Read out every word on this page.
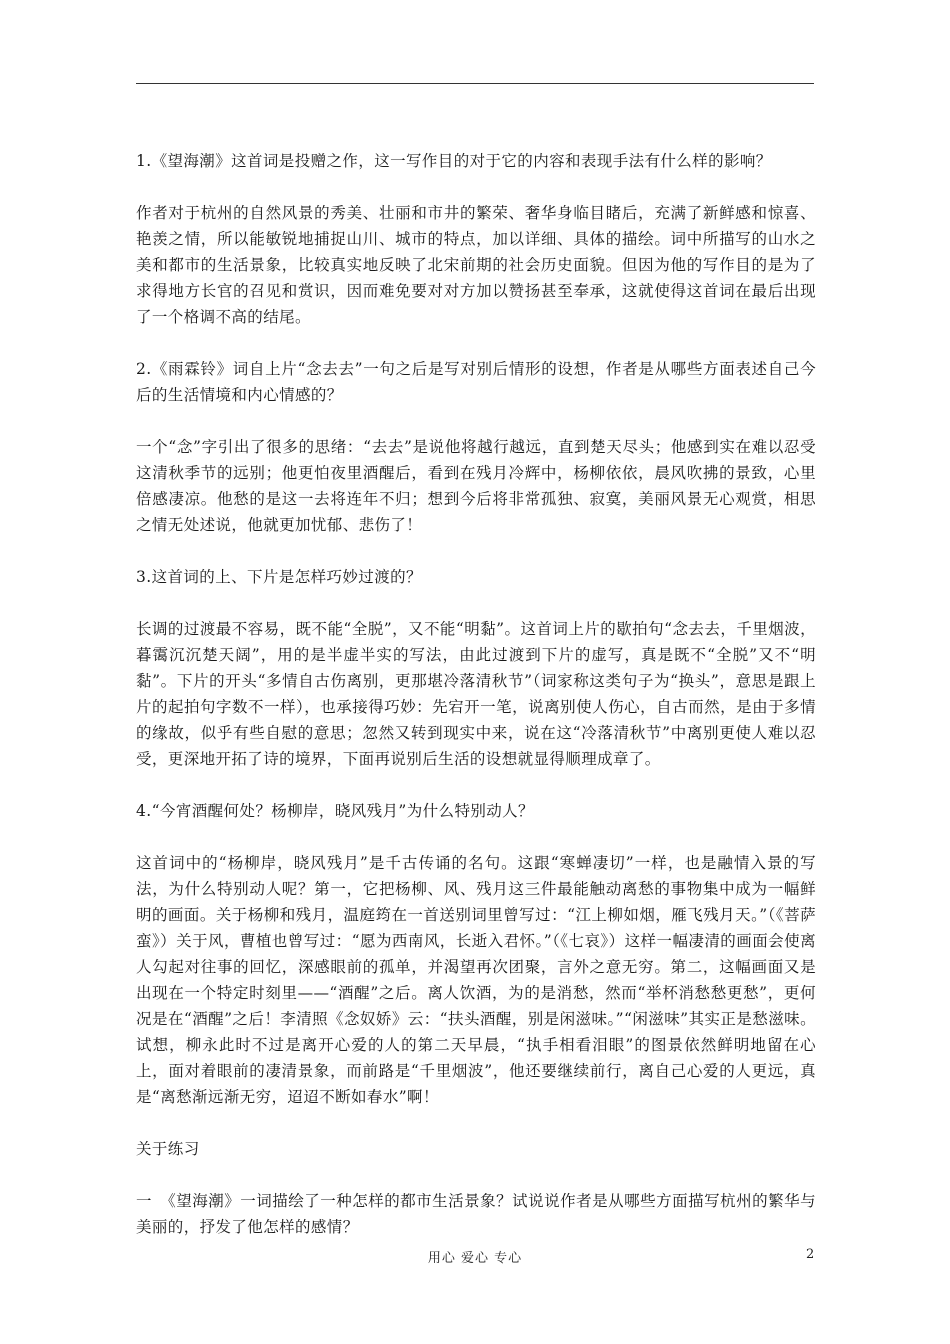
1.《望海潮》这首词是投赠之作，这一写作目的对于它的内容和表现手法有什么样的影响？

作者对于杭州的自然风景的秀美、壮丽和市井的繁荣、奢华身临目睹后，充满了新鲜感和惊喜、艳羡之情，所以能敏锐地捕捉山川、城市的特点，加以详细、具体的描绘。词中所描写的山水之美和都市的生活景象，比较真实地反映了北宋前期的社会历史面貌。但因为他的写作目的是为了求得地方长官的召见和赏识，因而难免要对对方加以赞扬甚至奉承，这就使得这首词在最后出现了一个格调不高的结尾。

2.《雨霖铃》词自上片“念去去”一句之后是写对别后情形的设想，作者是从哪些方面表述自己今后的生活情境和内心情感的？

一个“念”字引出了很多的思绪：“去去”是说他将越行越远，直到楚天尽头；他感到实在难以忍受这清秋季节的远别；他更怕夜里酒醒后，看到在残月冷辉中，杨柳依依，晨风吹拂的景致，心里倍感凄凉。他愁的是这一去将连年不归；想到今后将非常孤独、寂寞，美丽风景无心观赏，相思之情无处述说，他就更加忧郁、悲伤了！

3.这首词的上、下片是怎样巧妙过渡的？

长调的过渡最不容易，既不能“全脱”，又不能“明黏”。这首词上片的歇拍句“念去去，千里烟波，暮霭沉沉楚天阔”，用的是半虚半实的写法，由此过渡到下片的虚写，真是既不“全脱”又不“明黏”。下片的开头“多情自古伤离别，更那堪冷落清秋节”（词家称这类句子为“换头”，意思是跟上片的起拍句字数不一样），也承接得巧妙：先宕开一笔，说离别使人伤心，自古而然，是由于多情的缘故，似乎有些自慰的意思；忽然又转到现实中来，说在这“冷落清秋节”中离别更使人难以忍受，更深地开拓了诗的境界，下面再说别后生活的设想就显得顺理成章了。

4.“今宵酒醒何处？杨柳岸，晓风残月”为什么特别动人？

这首词中的“杨柳岸，晓风残月”是千古传诵的名句。这跟“寒蝉凄切”一样，也是融情入景的写法，为什么特别动人呢？第一，它把杨柳、风、残月这三件最能触动离愁的事物集中成为一幅鲜明的画面。关于杨柳和残月，温庭筠在一首送别词里曾写过：“江上柳如烟，雁飞残月天。”（《菩萨蛮》）关于风，曹植也曾写过：“愿为西南风，长逝入君怀。”（《七哀》）这样一幅凄清的画面会使离人勾起对往事的回忆，深感眼前的孤单，并渴望再次团聚，言外之意无穷。第二，这幅画面又是出现在一个特定时刻里——“酒醒”之后。离人饮酒，为的是消愁，然而“举杯消愁愁更愁”，更何况是在“酒醒”之后！李清照《念奴娇》云：“扶头酒醒，别是闲滋味。”“闲滋味”其实正是愁滋味。试想，柳永此时不过是离开心爱的人的第二天早晨，“执手相看泪眼”的图景依然鲜明地留在心上，面对着眼前的凄清景象，而前路是“千里烟波”，他还要继续前行，离自己心爱的人更远，真是“离愁渐远渐无穷，迢迢不断如春水”啊！

关于练习

一　《望海潮》一词描绘了一种怎样的都市生活景象？试说说作者是从哪些方面描写杭州的繁华与美丽的，抒发了他怎样的感情？

用心 爱心 专心	2
